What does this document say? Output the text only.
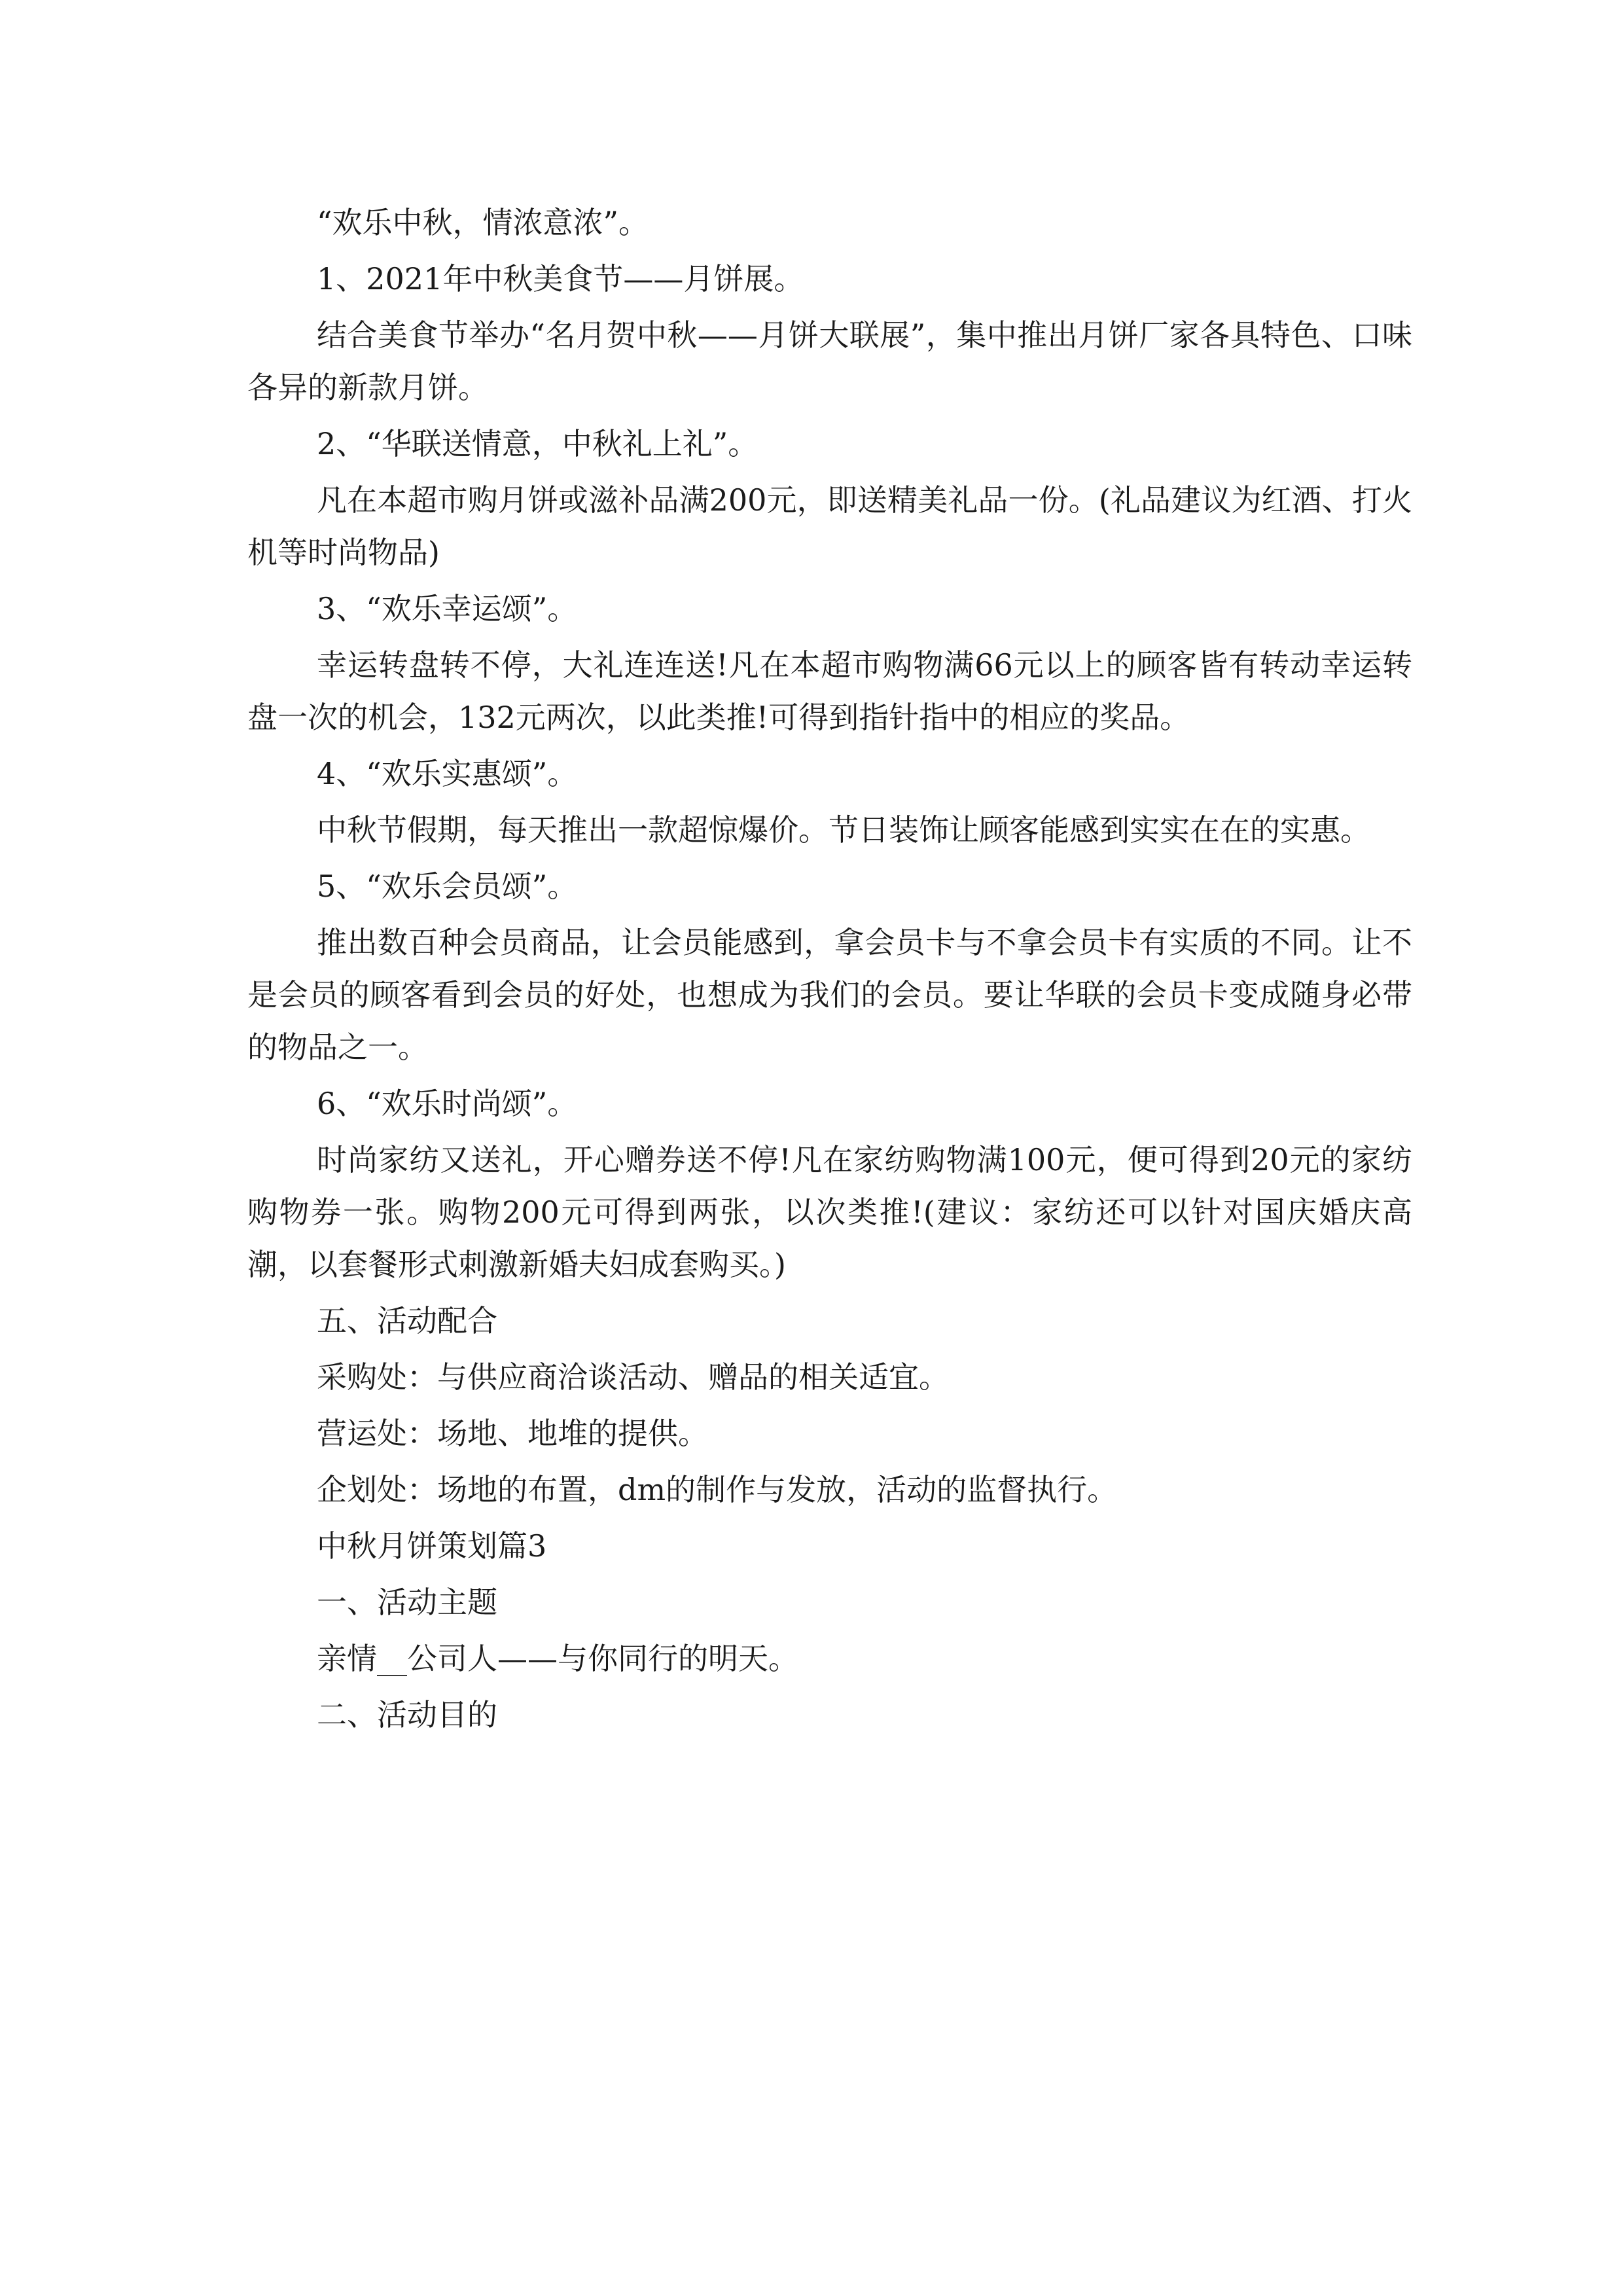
“欢乐中秋，情浓意浓”。

1、2021年中秋美食节——月饼展。

结合美食节举办“名月贺中秋——月饼大联展”，集中推出月饼厂家各具特色、口味各异的新款月饼。

2、“华联送情意，中秋礼上礼”。

凡在本超市购月饼或滋补品满200元，即送精美礼品一份。(礼品建议为红酒、打火机等时尚物品)

3、“欢乐幸运颂”。

幸运转盘转不停，大礼连连送!凡在本超市购物满66元以上的顾客皆有转动幸运转盘一次的机会，132元两次，以此类推!可得到指针指中的相应的奖品。

4、“欢乐实惠颂”。

中秋节假期，每天推出一款超惊爆价。节日装饰让顾客能感到实实在在的实惠。

5、“欢乐会员颂”。

推出数百种会员商品，让会员能感到，拿会员卡与不拿会员卡有实质的不同。让不是会员的顾客看到会员的好处，也想成为我们的会员。要让华联的会员卡变成随身必带的物品之一。

6、“欢乐时尚颂”。

时尚家纺又送礼，开心赠券送不停!凡在家纺购物满100元，便可得到20元的家纺购物券一张。购物200元可得到两张，以次类推!(建议：家纺还可以针对国庆婚庆高 潮，以套餐形式刺激新婚夫妇成套购买。)

五、活动配合

采购处：与供应商洽谈活动、赠品的相关适宜。

营运处：场地、地堆的提供。

企划处：场地的布置，dm的制作与发放，活动的监督执行。

中秋月饼策划篇3

一、活动主题

亲情__公司人——与你同行的明天。

二、活动目的
